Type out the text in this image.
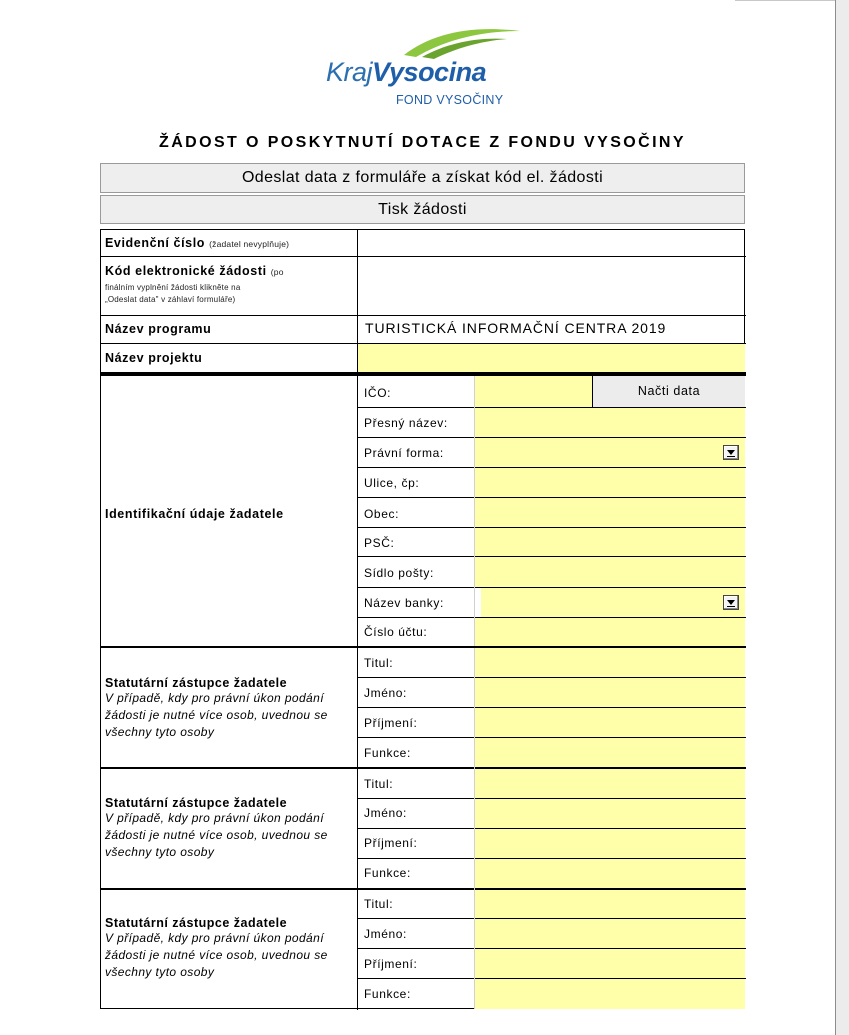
KrajVysocina
FOND VYSOČINY
ŽÁDOST O POSKYTNUTÍ DOTACE Z FONDU VYSOČINY
Odeslat data z formuláře a získat kód el. žádosti
Tisk žádosti
Evidenční číslo (žadatel nevyplňuje)
Kód elektronické žádosti (po
finálním vyplnění žádosti klikněte na
„Odeslat data" v záhlaví formuláře)
Název programu	TURISTICKÁ INFORMAČNÍ CENTRA 2019
Název projektu
Identifikační údaje žadatele
IČO:	Načti data
Přesný název:
Právní forma:
Ulice, čp:
Obec:
PSČ:
Sídlo pošty:
Název banky:
Číslo účtu:
Statutární zástupce žadatele
V případě, kdy pro právní úkon podání žádosti je nutné více osob, uvednou se všechny tyto osoby
Titul:
Jméno:
Příjmení:
Funkce:
Statutární zástupce žadatele
V případě, kdy pro právní úkon podání žádosti je nutné více osob, uvednou se všechny tyto osoby
Titul:
Jméno:
Příjmení:
Funkce:
Statutární zástupce žadatele
V případě, kdy pro právní úkon podání žádosti je nutné více osob, uvednou se všechny tyto osoby
Titul:
Jméno:
Příjmení:
Funkce:
